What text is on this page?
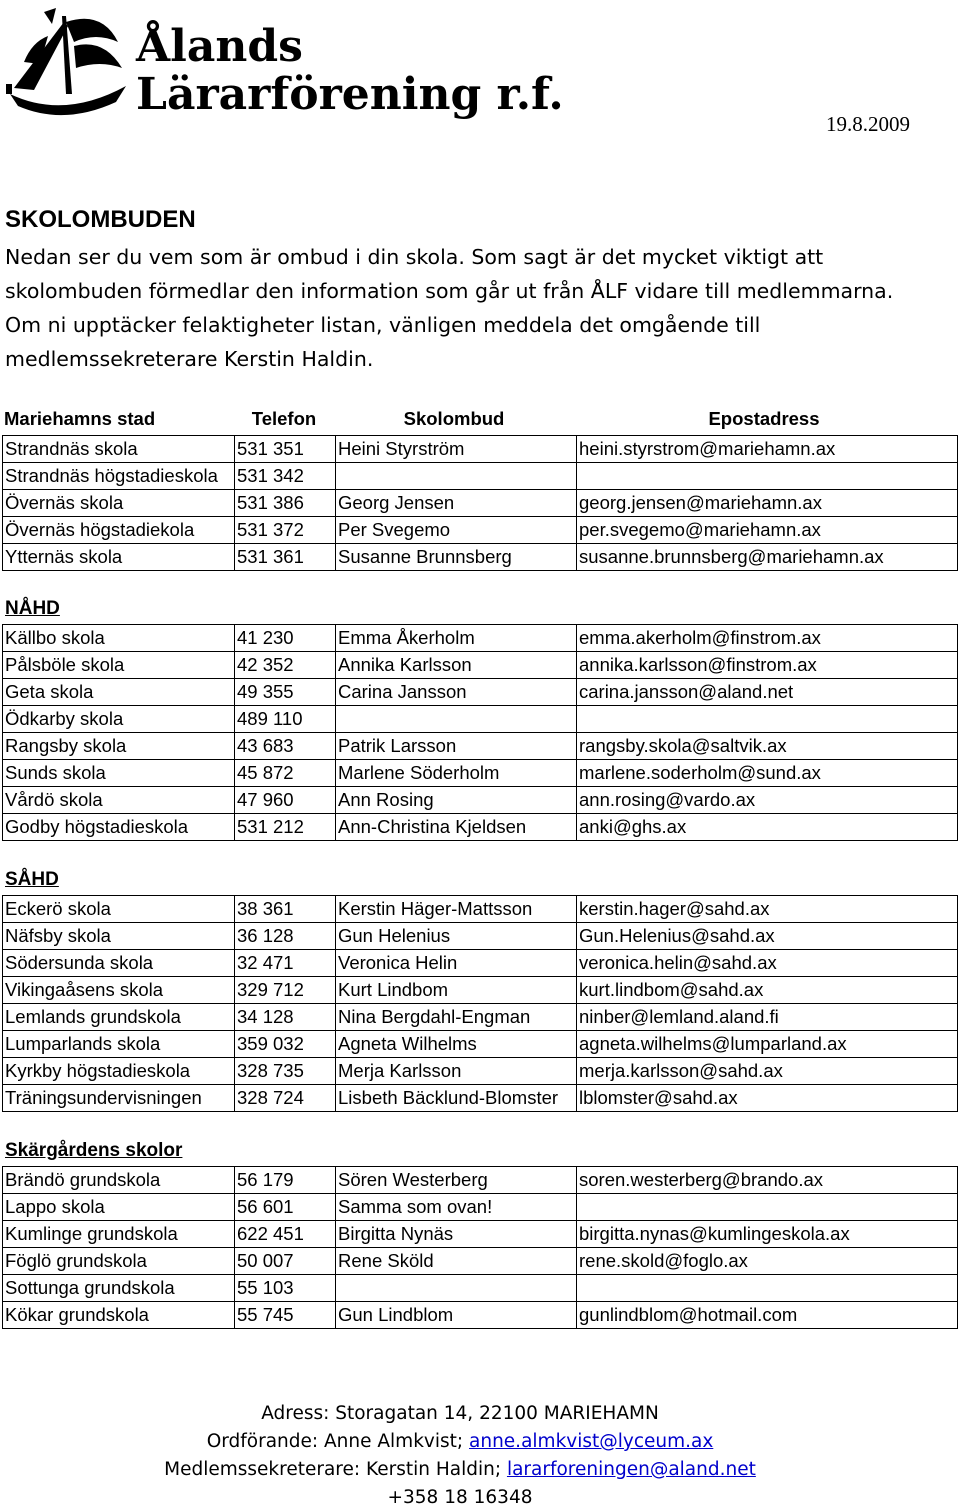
Ålands
Lärarförening r.f.
19.8.2009
SKOLOMBUDEN
Nedan ser du vem som är ombud i din skola. Som sagt är det mycket viktigt att skolombuden förmedlar den information som går ut från ÅLF vidare till medlemmarna. Om ni upptäcker felaktigheter listan, vänligen meddela det omgående till medlemssekreterare Kerstin Haldin.
Mariehamns stad	Telefon	Skolombud	Epostadress
Strandnäs skola	531 351	Heini Styrström	heini.styrstrom@mariehamn.ax
Strandnäs högstadieskola	531 342		
Övernäs skola	531 386	Georg Jensen	georg.jensen@mariehamn.ax
Övernäs högstadiekola	531 372	Per Svegemo	per.svegemo@mariehamn.ax
Ytternäs skola	531 361	Susanne Brunnsberg	susanne.brunnsberg@mariehamn.ax
NÅHD
Källbo skola	41 230	Emma Åkerholm	emma.akerholm@finstrom.ax
Pålsböle skola	42 352	Annika Karlsson	annika.karlsson@finstrom.ax
Geta skola	49 355	Carina Jansson	carina.jansson@aland.net
Ödkarby skola	489 110		
Rangsby skola	43 683	Patrik Larsson	rangsby.skola@saltvik.ax
Sunds skola	45 872	Marlene Söderholm	marlene.soderholm@sund.ax
Vårdö skola	47 960	Ann Rosing	ann.rosing@vardo.ax
Godby högstadieskola	531 212	Ann-Christina Kjeldsen	anki@ghs.ax
SÅHD
Eckerö skola	38 361	Kerstin Häger-Mattsson	kerstin.hager@sahd.ax
Näfsby skola	36 128	Gun Helenius	Gun.Helenius@sahd.ax
Södersunda skola	32 471	Veronica Helin	veronica.helin@sahd.ax
Vikingaåsens skola	329 712	Kurt Lindbom	kurt.lindbom@sahd.ax
Lemlands grundskola	34 128	Nina Bergdahl-Engman	ninber@lemland.aland.fi
Lumparlands skola	359 032	Agneta Wilhelms	agneta.wilhelms@lumparland.ax
Kyrkby högstadieskola	328 735	Merja Karlsson	merja.karlsson@sahd.ax
Träningsundervisningen	328 724	Lisbeth Bäcklund-Blomster	lblomster@sahd.ax
Skärgårdens skolor
Brändö grundskola	56 179	Sören Westerberg	soren.westerberg@brando.ax
Lappo skola	56 601	Samma som ovan!	
Kumlinge grundskola	622 451	Birgitta Nynäs	birgitta.nynas@kumlingeskola.ax
Föglö grundskola	50 007	Rene Sköld	rene.skold@foglo.ax
Sottunga grundskola	55 103		
Kökar grundskola	55 745	Gun Lindblom	gunlindblom@hotmail.com
Adress: Storagatan 14, 22100 MARIEHAMN
Ordförande: Anne Almkvist; anne.almkvist@lyceum.ax
Medlemssekreterare: Kerstin Haldin; lararforeningen@aland.net
+358 18 16348
